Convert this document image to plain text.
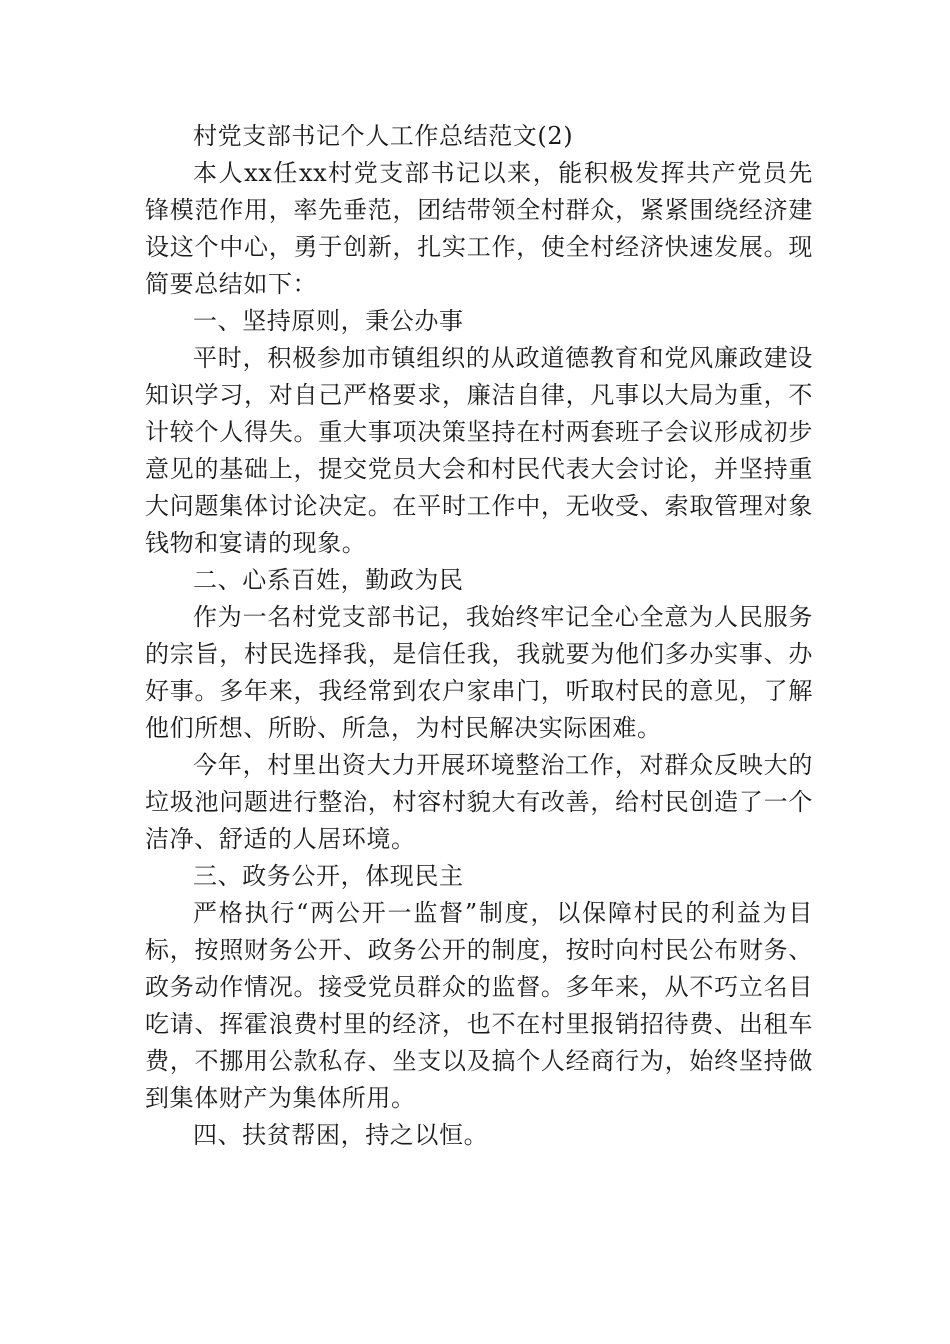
村党支部书记个人工作总结范文(2)

本人xx任xx村党支部书记以来，能积极发挥共产党员先锋模范作用，率先垂范，团结带领全村群众，紧紧围绕经济建设这个中心，勇于创新，扎实工作，使全村经济快速发展。现简要总结如下：

一、坚持原则，秉公办事

平时，积极参加市镇组织的从政道德教育和党风廉政建设知识学习，对自己严格要求，廉洁自律，凡事以大局为重，不计较个人得失。重大事项决策坚持在村两套班子会议形成初步意见的基础上，提交党员大会和村民代表大会讨论，并坚持重大问题集体讨论决定。在平时工作中，无收受、索取管理对象钱物和宴请的现象。

二、心系百姓，勤政为民

作为一名村党支部书记，我始终牢记全心全意为人民服务的宗旨，村民选择我，是信任我，我就要为他们多办实事、办好事。多年来，我经常到农户家串门，听取村民的意见，了解他们所想、所盼、所急，为村民解决实际困难。

今年，村里出资大力开展环境整治工作，对群众反映大的垃圾池问题进行整治，村容村貌大有改善，给村民创造了一个洁净、舒适的人居环境。

三、政务公开，体现民主

严格执行“两公开一监督”制度，以保障村民的利益为目标，按照财务公开、政务公开的制度，按时向村民公布财务、政务动作情况。接受党员群众的监督。多年来，从不巧立名目吃请、挥霍浪费村里的经济，也不在村里报销招待费、出租车费，不挪用公款私存、坐支以及搞个人经商行为，始终坚持做到集体财产为集体所用。

四、扶贫帮困，持之以恒。
